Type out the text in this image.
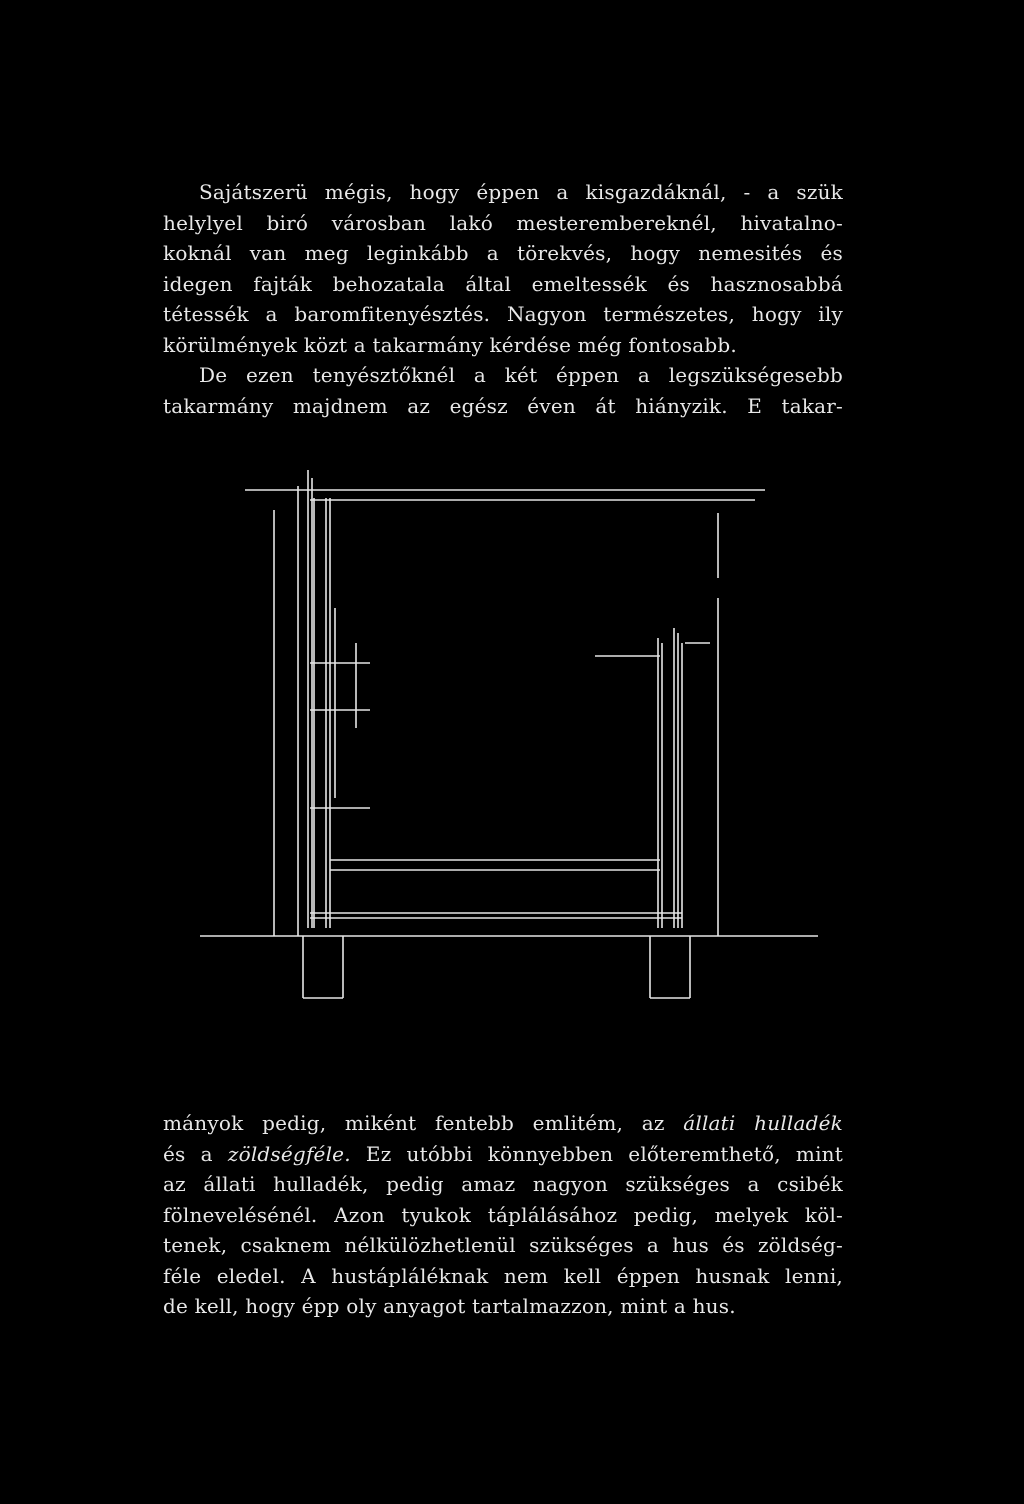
Sajátszerü mégis, hogy éppen a kisgazdáknál, - a szük
helylyel biró városban lakó mesterembereknél, hivatalno-
koknál van meg leginkább a törekvés, hogy nemesités és
idegen fajták behozatala által emeltessék és hasznosabbá
tétessék a baromfitenyésztés. Nagyon természetes, hogy ily
körülmények közt a takarmány kérdése még fontosabb.
De ezen tenyésztőknél a két éppen a legszükségesebb
takarmány majdnem az egész éven át hiányzik. E takar-
mányok pedig, miként fentebb emlitém, az állati hulladék
és a zöldségféle. Ez utóbbi könnyebben előteremthető, mint
az állati hulladék, pedig amaz nagyon szükséges a csibék
fölnevelésénél. Azon tyukok táplálásához pedig, melyek köl-
tenek, csaknem nélkülözhetlenül szükséges a hus és zöldség-
féle eledel. A hustápláléknak nem kell éppen husnak lenni,
de kell, hogy épp oly anyagot tartalmazzon, mint a hus.
